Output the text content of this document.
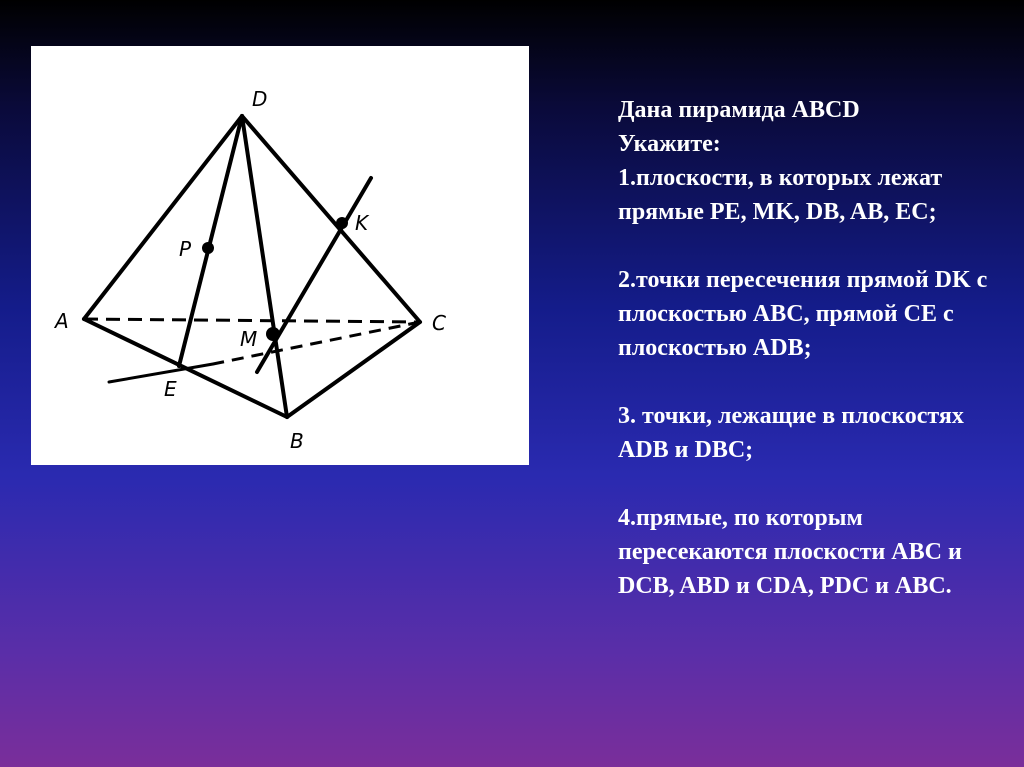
D
A	C
B
E
M
P
K

Дана пирамида ABCD

Укажите:

1.плоскости, в которых лежат прямые PE, MK, DB, AB, EC;

2.точки пересечения прямой DK с плоскостью ABC, прямой CE с плоскостью ADB;

3. точки, лежащие в плоскостях ADB и DBC;

4.прямые, по которым пересекаются плоскости ABC и DCB, ABD и CDA, PDC и ABC.
